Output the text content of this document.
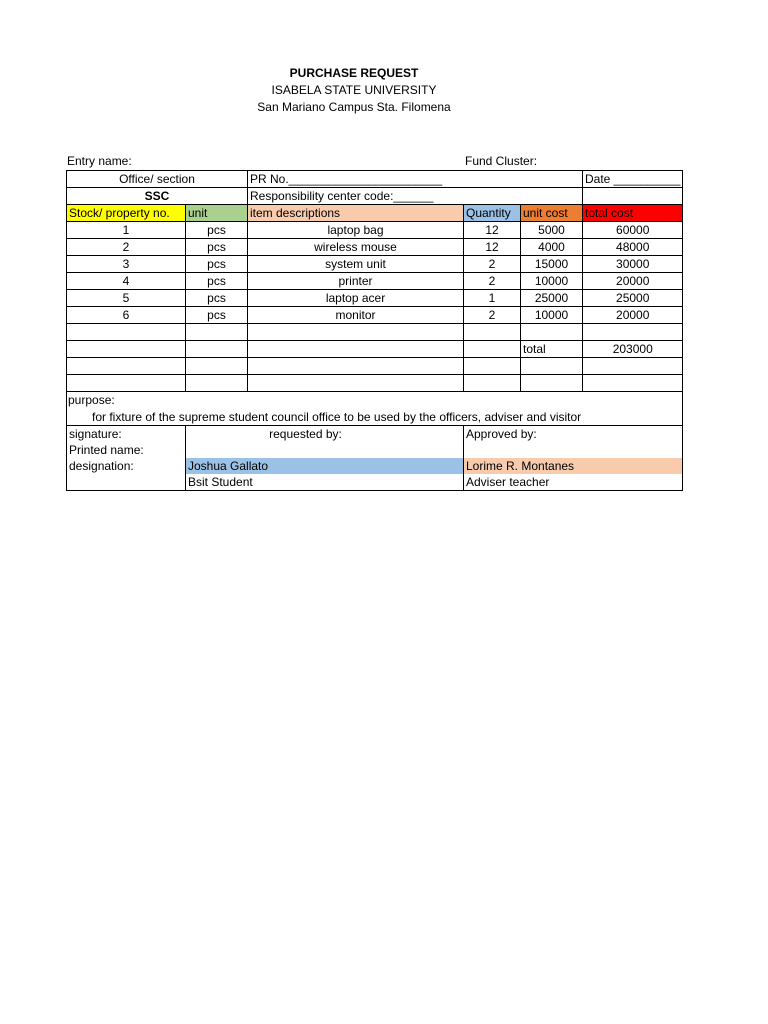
PURCHASE REQUEST
ISABELA STATE UNIVERSITY
San Mariano Campus Sta. Filomena
Entry name:	Fund Cluster:
Office/ section		PR No._______________________			Date __________
SSC		Responsibility center code:______			
Stock/ property no.	unit	item descriptions	Quantity	unit cost	total cost
1	pcs	laptop bag	12	5000	60000
2	pcs	wireless mouse	12	4000	48000
3	pcs	system unit	2	15000	30000
4	pcs	printer	2	10000	20000
5	pcs	laptop acer	1	25000	25000
6	pcs	monitor	2	10000	20000

				total	203000

purpose:
for fixture of the supreme student council office to be used by the officers, adviser and visitor					

signature:	requested by:		Approved by:		
Printed name:					
designation:	Joshua Gallato		Lorime R. Montanes		
	Bsit Student		Adviser teacher		
